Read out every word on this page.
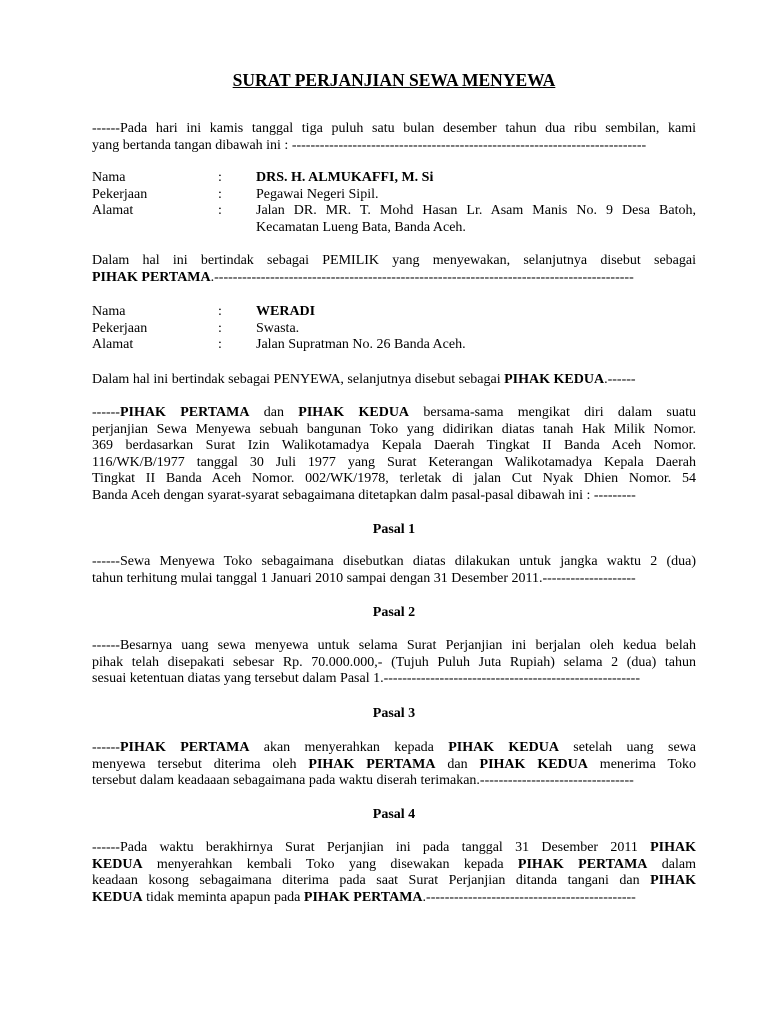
SURAT PERJANJIAN SEWA MENYEWA
------Pada hari ini kamis tanggal tiga puluh satu bulan desember tahun dua ribu sembilan, kami
yang bertanda tangan dibawah ini : ----------------------------------------------------------------------------
Nama	: DRS. H. ALMUKAFFI, M. Si
Pekerjaan	: Pegawai Negeri Sipil.
Alamat	: Jalan DR. MR. T. Mohd Hasan Lr. Asam Manis No. 9 Desa Batoh,
Kecamatan Lueng Bata, Banda Aceh.
Dalam hal ini bertindak sebagai PEMILIK yang menyewakan, selanjutnya disebut sebagai
PIHAK PERTAMA.------------------------------------------------------------------------------------------
Nama	: WERADI
Pekerjaan	: Swasta.
Alamat	: Jalan Supratman No. 26 Banda Aceh.
Dalam hal ini bertindak sebagai PENYEWA, selanjutnya disebut sebagai PIHAK KEDUA.------
------PIHAK PERTAMA dan PIHAK KEDUA bersama-sama mengikat diri dalam suatu
perjanjian Sewa Menyewa sebuah bangunan Toko yang didirikan diatas tanah Hak Milik Nomor.
369 berdasarkan Surat Izin Walikotamadya Kepala Daerah Tingkat II Banda Aceh Nomor.
116/WK/B/1977 tanggal 30 Juli 1977 yang Surat Keterangan Walikotamadya Kepala Daerah
Tingkat II Banda Aceh Nomor. 002/WK/1978, terletak di jalan Cut Nyak Dhien Nomor. 54
Banda Aceh dengan syarat-syarat sebagaimana ditetapkan dalm pasal-pasal dibawah ini : ---------
Pasal 1
------Sewa Menyewa Toko sebagaimana disebutkan diatas dilakukan untuk jangka waktu 2 (dua)
tahun terhitung mulai tanggal 1 Januari 2010 sampai dengan 31 Desember 2011.--------------------
Pasal 2
------Besarnya uang sewa menyewa untuk selama Surat Perjanjian ini berjalan oleh kedua belah
pihak telah disepakati sebesar Rp. 70.000.000,- (Tujuh Puluh Juta Rupiah) selama 2 (dua) tahun
sesuai ketentuan diatas yang tersebut dalam Pasal 1.-------------------------------------------------------
Pasal 3
------PIHAK PERTAMA akan menyerahkan kepada PIHAK KEDUA setelah uang sewa
menyewa tersebut diterima oleh PIHAK PERTAMA dan PIHAK KEDUA menerima Toko
tersebut dalam keadaaan sebagaimana pada waktu diserah terimakan.---------------------------------
Pasal 4
------Pada waktu berakhirnya Surat Perjanjian ini pada tanggal 31 Desember 2011 PIHAK
KEDUA menyerahkan kembali Toko yang disewakan kepada PIHAK PERTAMA dalam
keadaan kosong sebagaimana diterima pada saat Surat Perjanjian ditanda tangani dan PIHAK
KEDUA tidak meminta apapun pada PIHAK PERTAMA.---------------------------------------------
